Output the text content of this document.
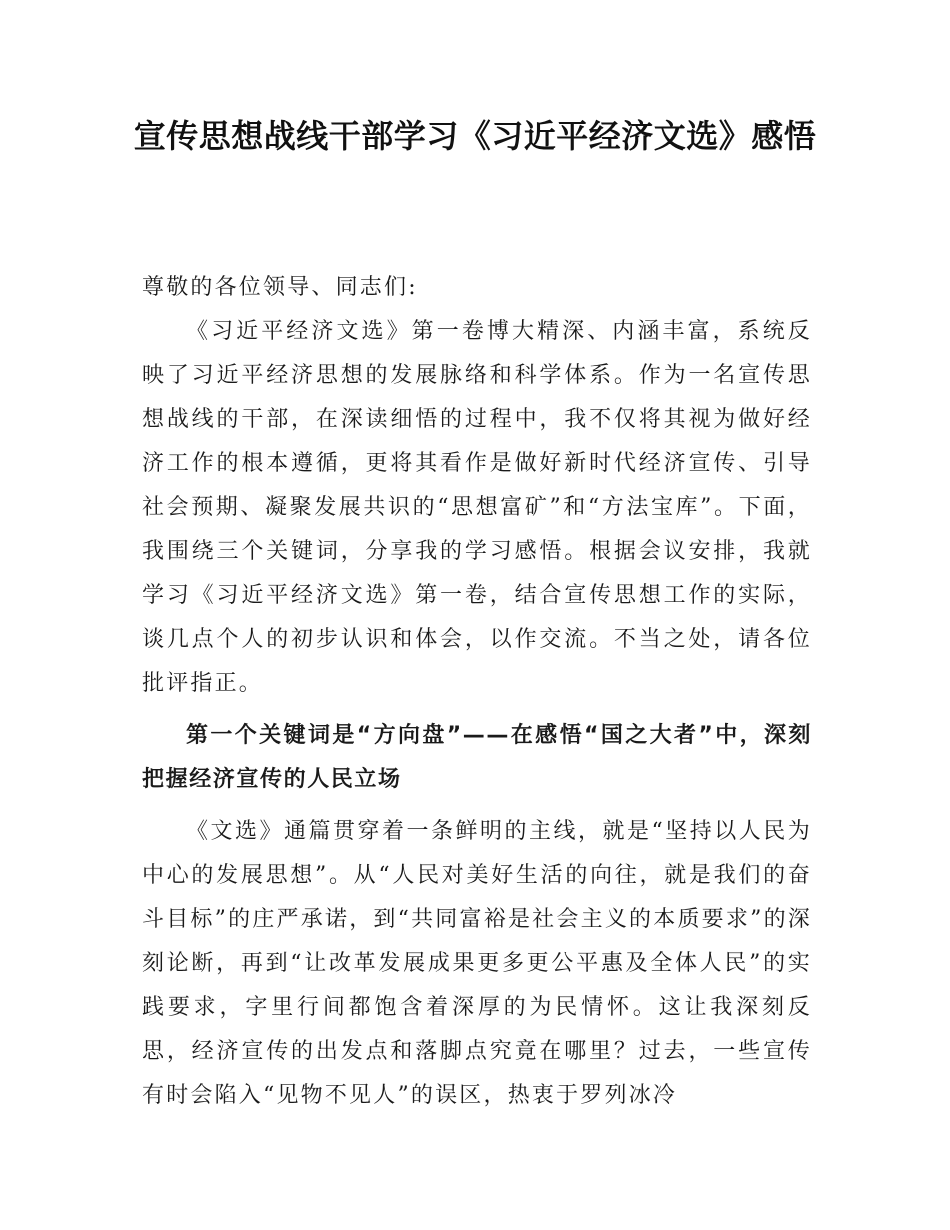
宣传思想战线干部学习《习近平经济文选》感悟

尊敬的各位领导、同志们:

《习近平经济文选》第一卷博大精深、内涵丰富，系统反映了习近平经济思想的发展脉络和科学体系。作为一名宣传思想战线的干部，在深读细悟的过程中，我不仅将其视为做好经济工作的根本遵循，更将其看作是做好新时代经济宣传、引导社会预期、凝聚发展共识的“思想富矿”和“方法宝库”。下面，我围绕三个关键词，分享我的学习感悟。根据会议安排，我就学习《习近平经济文选》第一卷，结合宣传思想工作的实际，谈几点个人的初步认识和体会，以作交流。不当之处，请各位批评指正。

第一个关键词是“方向盘”——在感悟“国之大者”中，深刻把握经济宣传的人民立场

《文选》通篇贯穿着一条鲜明的主线，就是“坚持以人民为中心的发展思想”。从“人民对美好生活的向往，就是我们的奋斗目标”的庄严承诺，到“共同富裕是社会主义的本质要求”的深刻论断，再到“让改革发展成果更多更公平惠及全体人民”的实践要求，字里行间都饱含着深厚的为民情怀。这让我深刻反思，经济宣传的出发点和落脚点究竟在哪里？过去，一些宣传有时会陷入“见物不见人”的误区，热衷于罗列冰冷
